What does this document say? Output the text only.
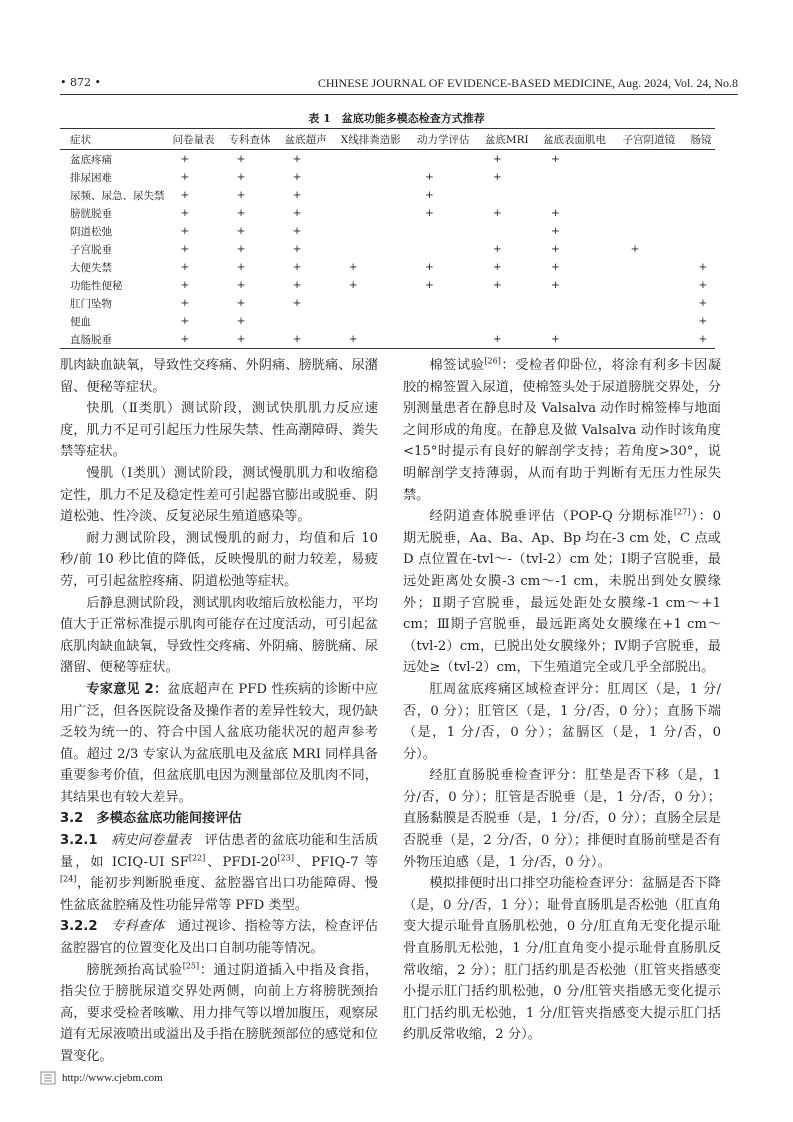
• 872 •	CHINESE JOURNAL OF EVIDENCE-BASED MEDICINE, Aug. 2024, Vol. 24, No.8
表 1　盆底功能多模态检查方式推荐
症状	问卷量表	专科查体	盆底超声	X线排粪造影	动力学评估	盆底MRI	盆底表面肌电	子宫阴道镜	肠镜
盆底疼痛	+	+	+			+	+		
排尿困难	+	+	+		+	+			
尿频、尿急、尿失禁	+	+	+		+				
膀胱脱垂	+	+	+		+	+	+		
阴道松弛	+	+	+				+		
子宫脱垂	+	+	+			+	+	+	
大便失禁	+	+	+	+	+	+	+		+
功能性便秘	+	+	+	+	+	+	+		+
肛门坠物	+	+	+						+
便血	+	+							+
直肠脱垂	+	+	+	+		+	+		+

肌肉缺血缺氧，导致性交疼痛、外阴痛、膀胱痛、尿潴留、便秘等症状。

快肌（Ⅱ类肌）测试阶段，测试快肌肌力反应速度，肌力不足可引起压力性尿失禁、性高潮障碍、粪失禁等症状。

慢肌（Ⅰ类肌）测试阶段，测试慢肌肌力和收缩稳定性，肌力不足及稳定性差可引起器官膨出或脱垂、阴道松弛、性冷淡、反复泌尿生殖道感染等。

耐力测试阶段，测试慢肌的耐力，均值和后 10 秒/前 10 秒比值的降低，反映慢肌的耐力较差，易疲劳，可引起盆腔疼痛、阴道松弛等症状。

后静息测试阶段，测试肌肉收缩后放松能力，平均值大于正常标准提示肌肉可能存在过度活动，可引起盆底肌肉缺血缺氧，导致性交疼痛、外阴痛、膀胱痛、尿潴留、便秘等症状。

专家意见 2：盆底超声在 PFD 性疾病的诊断中应用广泛，但各医院设备及操作者的差异性较大，现仍缺乏较为统一的、符合中国人盆底功能状况的超声参考值。超过 2/3 专家认为盆底肌电及盆底 MRI 同样具备重要参考价值，但盆底肌电因为测量部位及肌肉不同，其结果也有较大差异。

3.2　多模态盆底功能间接评估

3.2.1　 病史问卷量表　 评估患者的盆底功能和生活质量，如 ICIQ-UI SF[22]、PFDI-20[23]、PFIQ-7 等[24]，能初步判断脱垂度、盆腔器官出口功能障碍、慢性盆底盆腔痛及性功能异常等 PFD 类型。

3.2.2　 专科查体　 通过视诊、指检等方法，检查评估盆腔器官的位置变化及出口自制功能等情况。

膀胱颈抬高试验[25]：通过阴道插入中指及食指，指尖位于膀胱尿道交界处两侧，向前上方将膀胱颈抬高，要求受检者咳嗽、用力排气等以增加腹压，观察尿道有无尿液喷出或溢出及手指在膀胱颈部位的感觉和位置变化。

棉签试验[26]：受检者仰卧位，将涂有利多卡因凝胶的棉签置入尿道，使棉签头处于尿道膀胱交界处，分别测量患者在静息时及 Valsalva 动作时棉签棒与地面之间形成的角度。在静息及做 Valsalva 动作时该角度<15°时提示有良好的解剖学支持；若角度>30°，说明解剖学支持薄弱，从而有助于判断有无压力性尿失禁。

经阴道查体脱垂评估（POP-Q 分期标准[27]）：0 期无脱垂，Aa、Ba、Ap、Bp 均在-3 cm 处，C 点或 D 点位置在-tvl～-（tvl-2）cm 处；Ⅰ期子宫脱垂，最远处距离处女膜-3 cm～-1 cm，未脱出到处女膜缘外；Ⅱ期子宫脱垂，最远处距处女膜缘-1 cm～+1 cm；Ⅲ期子宫脱垂，最远距离处女膜缘在+1 cm～（tvl-2）cm，已脱出处女膜缘外；Ⅳ期子宫脱垂，最远处≥（tvl-2）cm，下生殖道完全或几乎全部脱出。

肛周盆底疼痛区域检查评分：肛周区（是，1 分/否，0 分）；肛管区（是，1 分/否，0 分）；直肠下端（是，1 分/否，0 分）；盆膈区（是，1 分/否，0 分）。

经肛直肠脱垂检查评分：肛垫是否下移（是，1 分/否，0 分）；肛管是否脱垂（是，1 分/否，0 分）；直肠黏膜是否脱垂（是，1 分/否，0 分）；直肠全层是否脱垂（是，2 分/否，0 分）；排便时直肠前壁是否有外物压迫感（是，1 分/否，0 分）。

模拟排便时出口排空功能检查评分：盆膈是否下降（是，0 分/否，1 分）；耻骨直肠肌是否松弛（肛直角变大提示耻骨直肠肌松弛，0 分/肛直角无变化提示耻骨直肠肌无松弛，1 分/肛直角变小提示耻骨直肠肌反常收缩，2 分）；肛门括约肌是否松弛（肛管夹指感变小提示肛门括约肌松弛，0 分/肛管夹指感无变化提示肛门括约肌无松弛，1 分/肛管夹指感变大提示肛门括约肌反常收缩，2 分）。

http://www.cjebm.com
